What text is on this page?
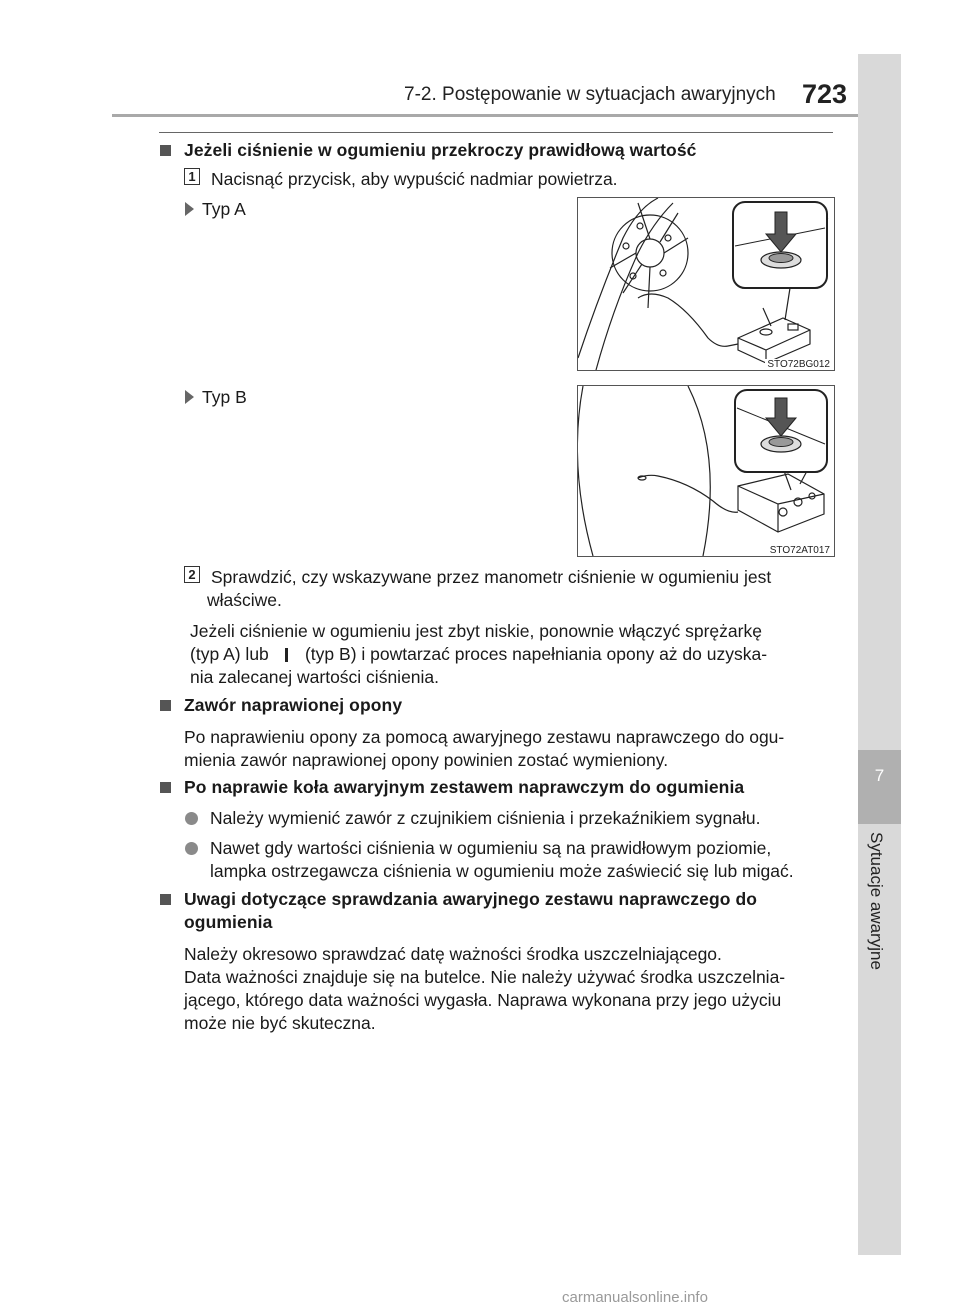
7-2. Postępowanie w sytuacjach awaryjnych 723
7
Sytuacje awaryjne
Jeżeli ciśnienie w ogumieniu przekroczy prawidłową wartość
1 Nacisnąć przycisk, aby wypuścić nadmiar powietrza.
Typ A
STO72BG012
Typ B
STO72AT017
2 Sprawdzić, czy wskazywane przez manometr ciśnienie w ogumieniu jest
właściwe.
Jeżeli ciśnienie w ogumieniu jest zbyt niskie, ponownie włączyć sprężarkę
(typ A) lub (typ B) i powtarzać proces napełniania opony aż do uzyska-
nia zalecanej wartości ciśnienia.
Zawór naprawionej opony
Po naprawieniu opony za pomocą awaryjnego zestawu naprawczego do ogu-
mienia zawór naprawionej opony powinien zostać wymieniony.
Po naprawie koła awaryjnym zestawem naprawczym do ogumienia
Należy wymienić zawór z czujnikiem ciśnienia i przekaźnikiem sygnału.
Nawet gdy wartości ciśnienia w ogumieniu są na prawidłowym poziomie,
lampka ostrzegawcza ciśnienia w ogumieniu może zaświecić się lub migać.
Uwagi dotyczące sprawdzania awaryjnego zestawu naprawczego do
ogumienia
Należy okresowo sprawdzać datę ważności środka uszczelniającego.
Data ważności znajduje się na butelce. Nie należy używać środka uszczelnia-
jącego, którego data ważności wygasła. Naprawa wykonana przy jego użyciu
może nie być skuteczna.
carmanualsonline.info
